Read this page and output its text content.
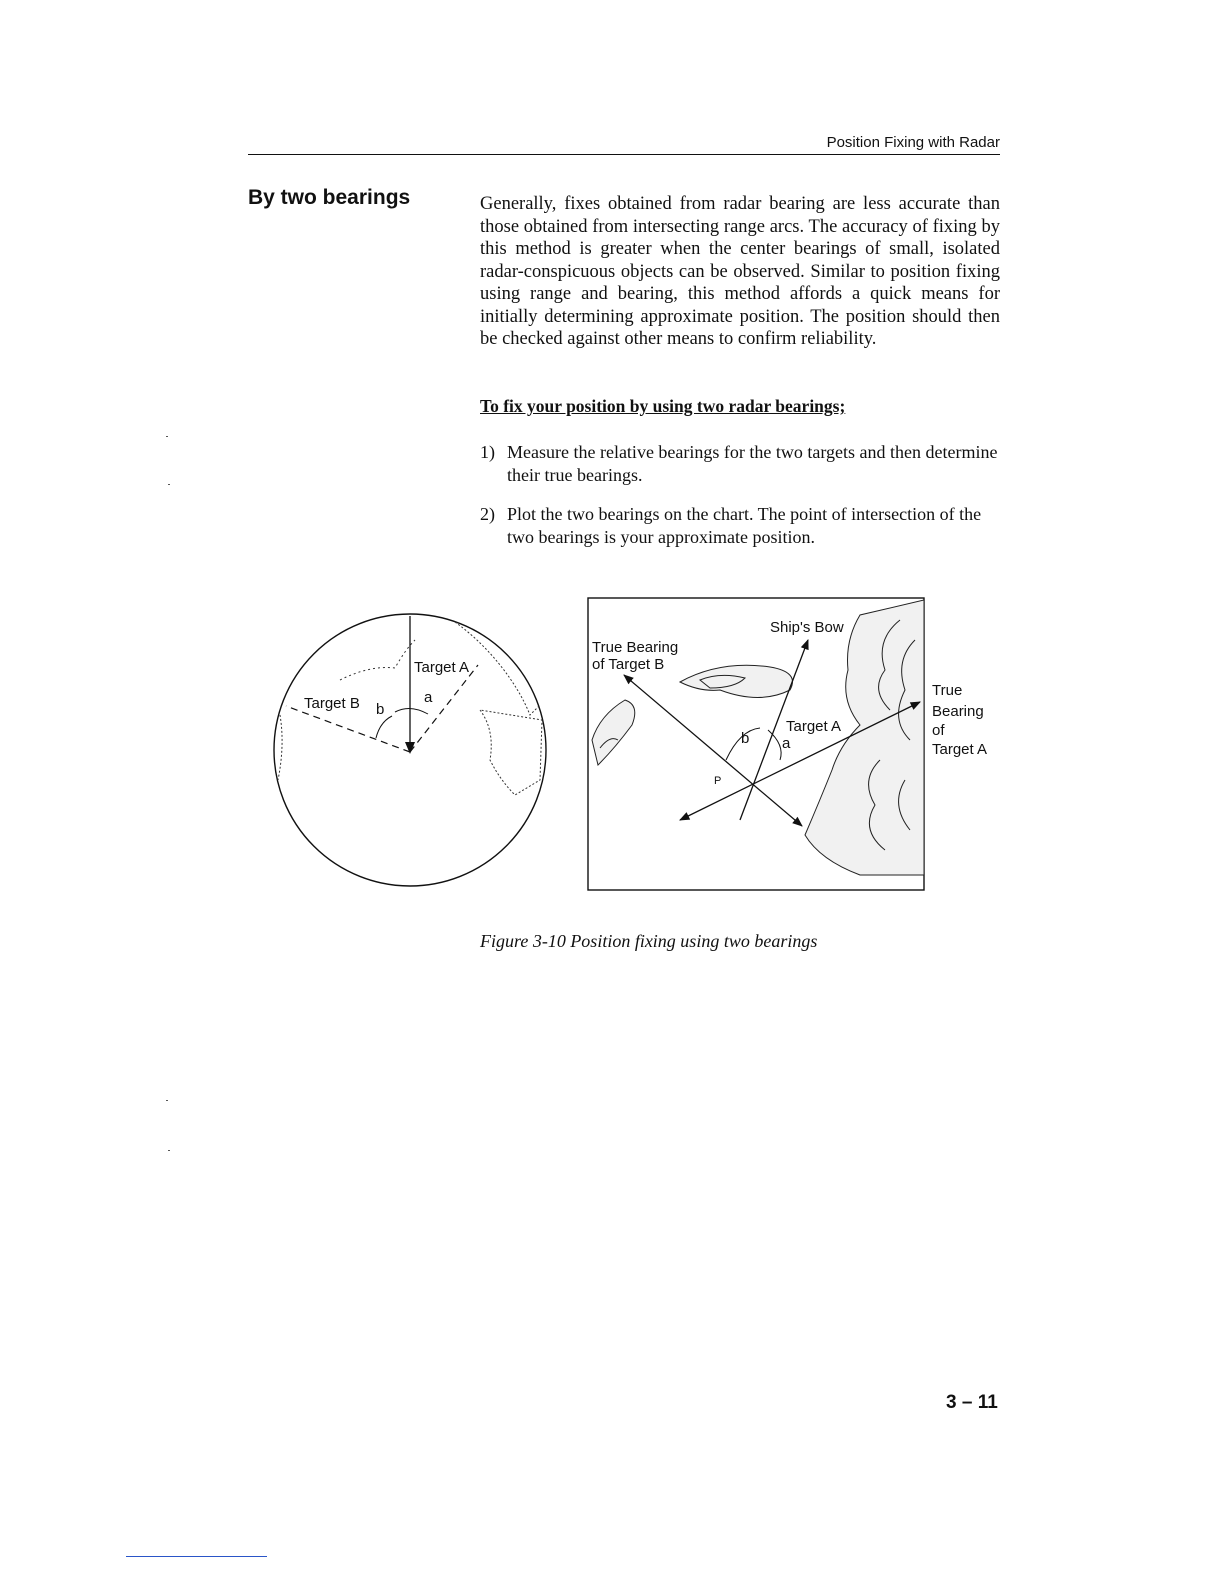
Position Fixing with Radar
By two bearings	Generally, fixes obtained from radar bearing are less accurate than those obtained from intersecting range arcs. The accuracy of fixing by this method is greater when the center bearings of small, isolated radar-conspicuous objects can be observed. Similar to position fixing using range and bearing, this method affords a quick means for initially determining approximate position. The position should then be checked against other means to confirm reliability.

To fix your position by using two radar bearings;
1) Measure the relative bearings for the two targets and then determine their true bearings.
2) Plot the two bearings on the chart. The point of intersection of the two bearings is your approximate position.
Target A
Target B	a
b
Ship's Bow
True Bearing
of Target B
Target A
b a
P
True
Bearing
of
Target A
Figure 3-10 Position fixing using two bearings
3 – 11
